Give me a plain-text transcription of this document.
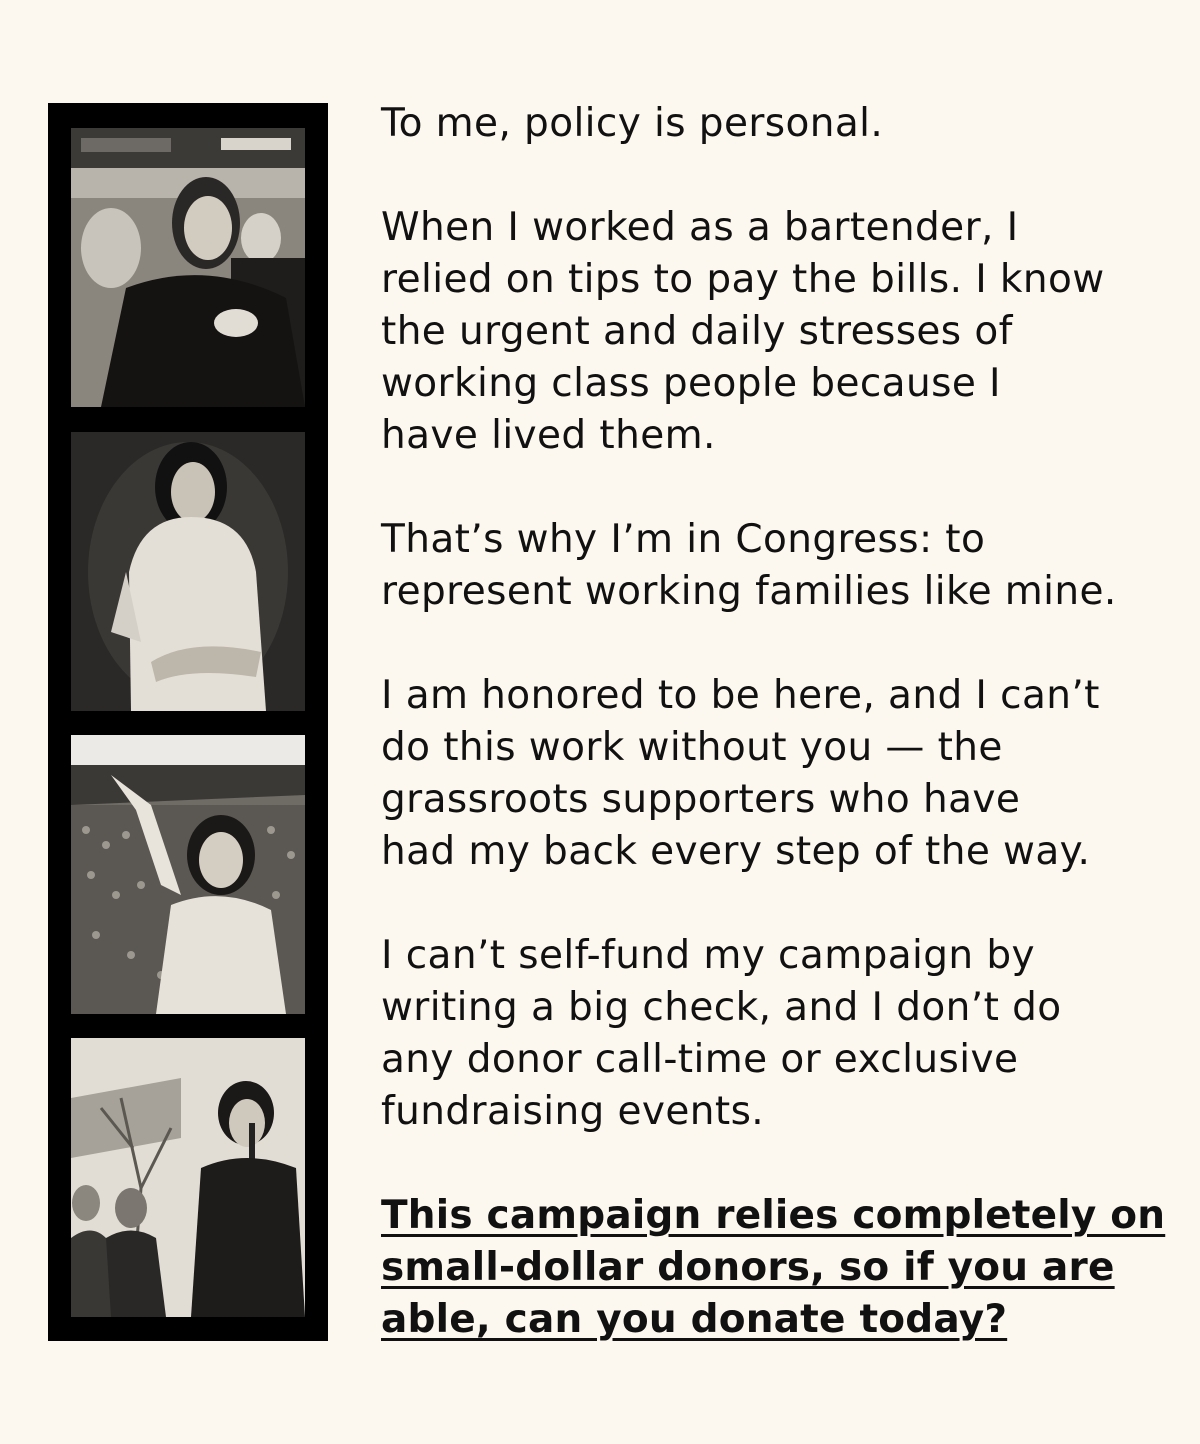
To me, policy is personal.

When I worked as a bartender, I
relied on tips to pay the bills. I know
the urgent and daily stresses of
working class people because I
have lived them.

That’s why I’m in Congress: to
represent working families like mine.

I am honored to be here, and I can’t
do this work without you — the
grassroots supporters who have
had my back every step of the way.

I can’t self-fund my campaign by
writing a big check, and I don’t do
any donor call-time or exclusive
fundraising events.

This campaign relies completely on
small-dollar donors, so if you are
able, can you donate today?
